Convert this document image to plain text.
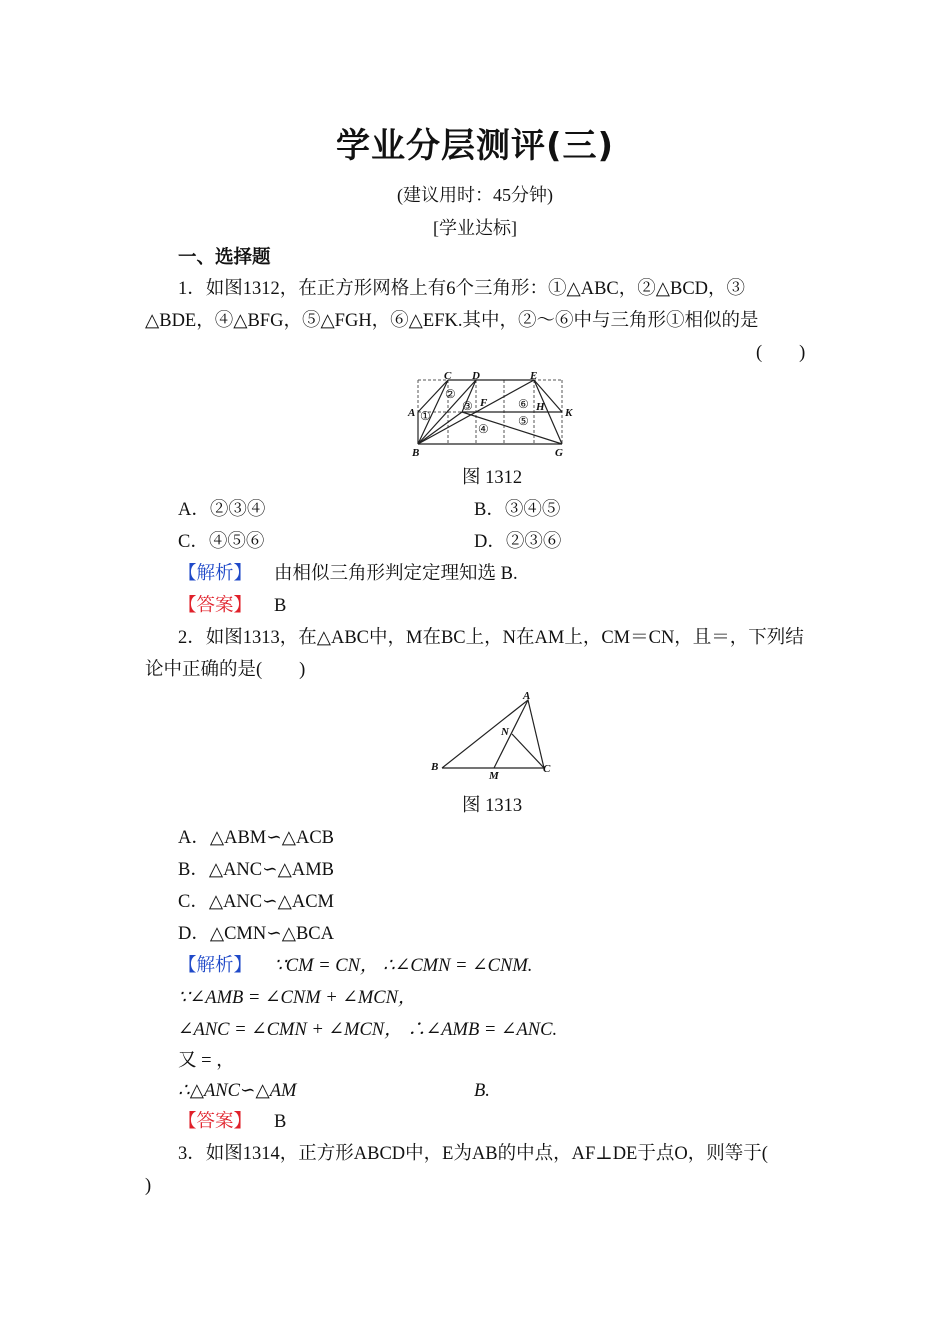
学业分层测评(三)
(建议用时：45分钟)
[学业达标]
一、选择题
1．如图1312，在正方形网格上有6个三角形：①△ABC，②△BCD，③
△BDE，④△BFG，⑤△FGH，⑥△EFK.其中，②～⑥中与三角形①相似的是
(　　)
C D	E
A
F	H K
B	G
①
②
③
④
⑤
⑥
图 1312
A．②③④	B．③④⑤
C．④⑤⑥	D．②③⑥
【解析】 由相似三角形判定定理知选 B.
【答案】 B
2．如图1313，在△ABC中，M在BC上，N在AM上，CM＝CN，且＝，下列结
论中正确的是(　　)
A
N
B
M
C
图 1313
A．△ABM∽△ACB
B．△ANC∽△AMB
C．△ANC∽△ACM
D．△CMN∽△BCA
【解析】 ∵CM = CN， ∴∠CMN = ∠CNM.
∵∠AMB = ∠CNM + ∠MCN，
∠ANC = ∠CMN + ∠MCN， ∴∠AMB = ∠ANC.
又 = ，
∴△ANC∽△AM	B.
【答案】 B
3．如图1314，正方形ABCD中，E为AB的中点，AF⊥DE于点O，则等于(
)
